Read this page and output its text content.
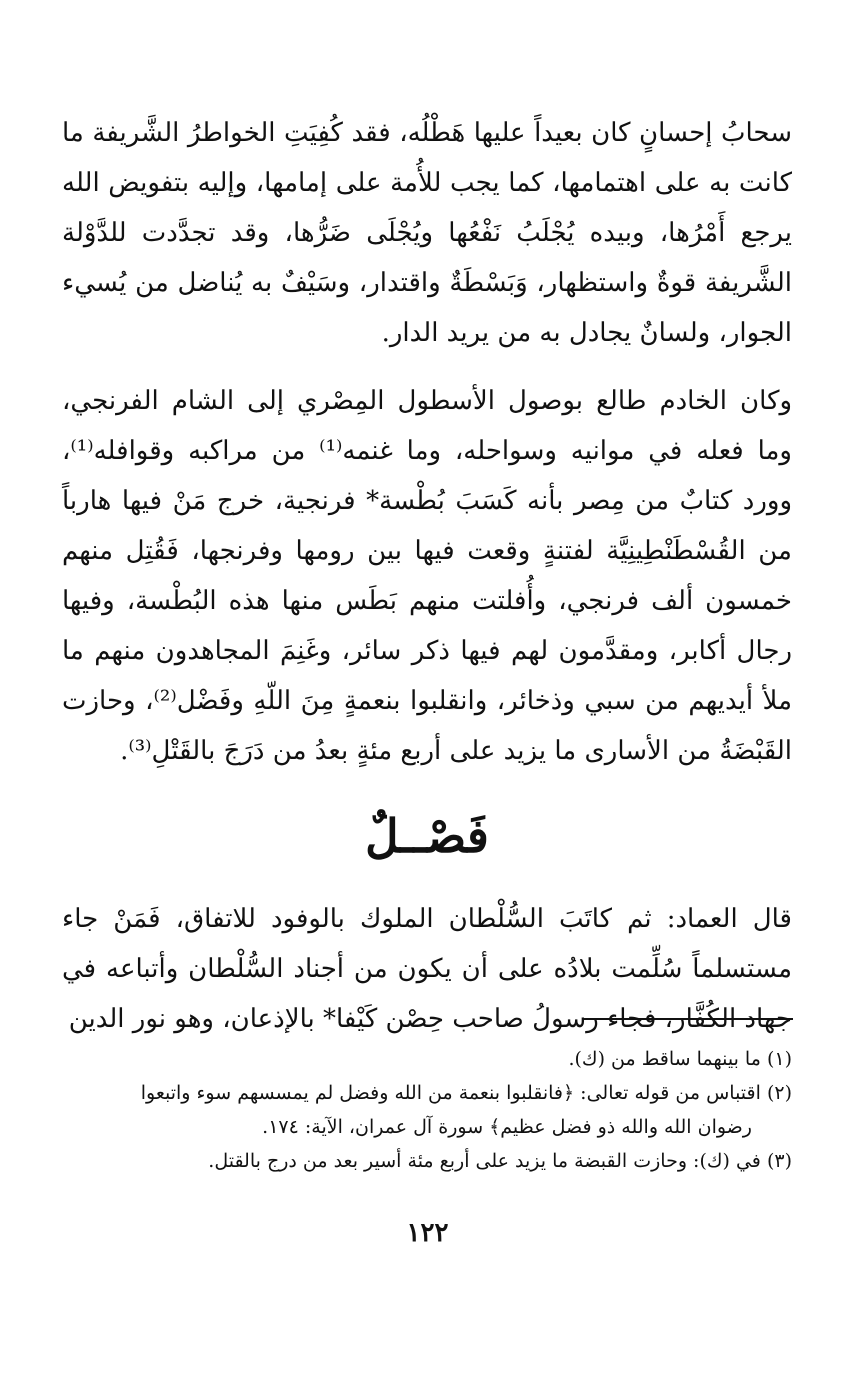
سحابُ إحسانٍ كان بعيداً عليها هَطْلُه، فقد كُفِيَتِ الخواطرُ الشَّريفة ما كانت به على اهتمامها، كما يجب للأُمة على إمامها، وإليه بتفويض الله يرجع أَمْرُها، وبيده يُجْلَبُ نَفْعُها ويُجْلَى ضَرُّها، وقد تجدَّدت للدَّوْلة الشَّريفة قوةٌ واستظهار، وَبَسْطَةٌ واقتدار، وسَيْفٌ به يُناضل من يُسيء الجوار، ولسانٌ يجادل به من يريد الدار.

وكان الخادم طالع بوصول الأسطول المِصْري إلى الشام الفرنجي، وما فعله في موانيه وسواحله، وما غنمه⁽¹⁾ من مراكبه وقوافله⁽¹⁾، وورد كتابٌ من مِصر بأنه كَسَبَ بُطْسة* فرنجية، خرج مَنْ فيها هارباً من القُسْطَنْطِينِيَّة لفتنةٍ وقعت فيها بين رومها وفرنجها، فَقُتِل منهم خمسون ألف فرنجي، وأُفلتت منهم بَطَس منها هذه البُطْسة، وفيها رجال أكابر، ومقدَّمون لهم فيها ذكر سائر، وغَنِمَ المجاهدون منهم ما ملأ أيديهم من سبي وذخائر، وانقلبوا بنعمةٍ مِنَ اللّهِ وفَضْل⁽²⁾، وحازت القَبْضَةُ من الأسارى ما يزيد على أربع مئةٍ بعدُ من دَرَجَ بالقَتْلِ⁽³⁾.

فَصْــلٌ

قال العماد: ثم كاتَبَ السُّلْطان الملوك بالوفود للاتفاق، فَمَنْ جاء مستسلماً سُلِّمت بلادُه على أن يكون من أجناد السُّلْطان وأتباعه في جهاد الكُفَّار، فجاء رسولُ صاحب حِصْن كَيْفا* بالإذعان، وهو نور الدين

(١) ما بينهما ساقط من (ك).

(٢) اقتباس من قوله تعالى: ﴿فانقلبوا بنعمة من الله وفضل لم يمسسهم سوء واتبعوا
رضوان الله والله ذو فضل عظيم﴾ سورة آل عمران، الآية: ١٧٤.

(٣) في (ك): وحازت القبضة ما يزيد على أربع مئة أسير بعد من درج بالقتل.

١٢٢
